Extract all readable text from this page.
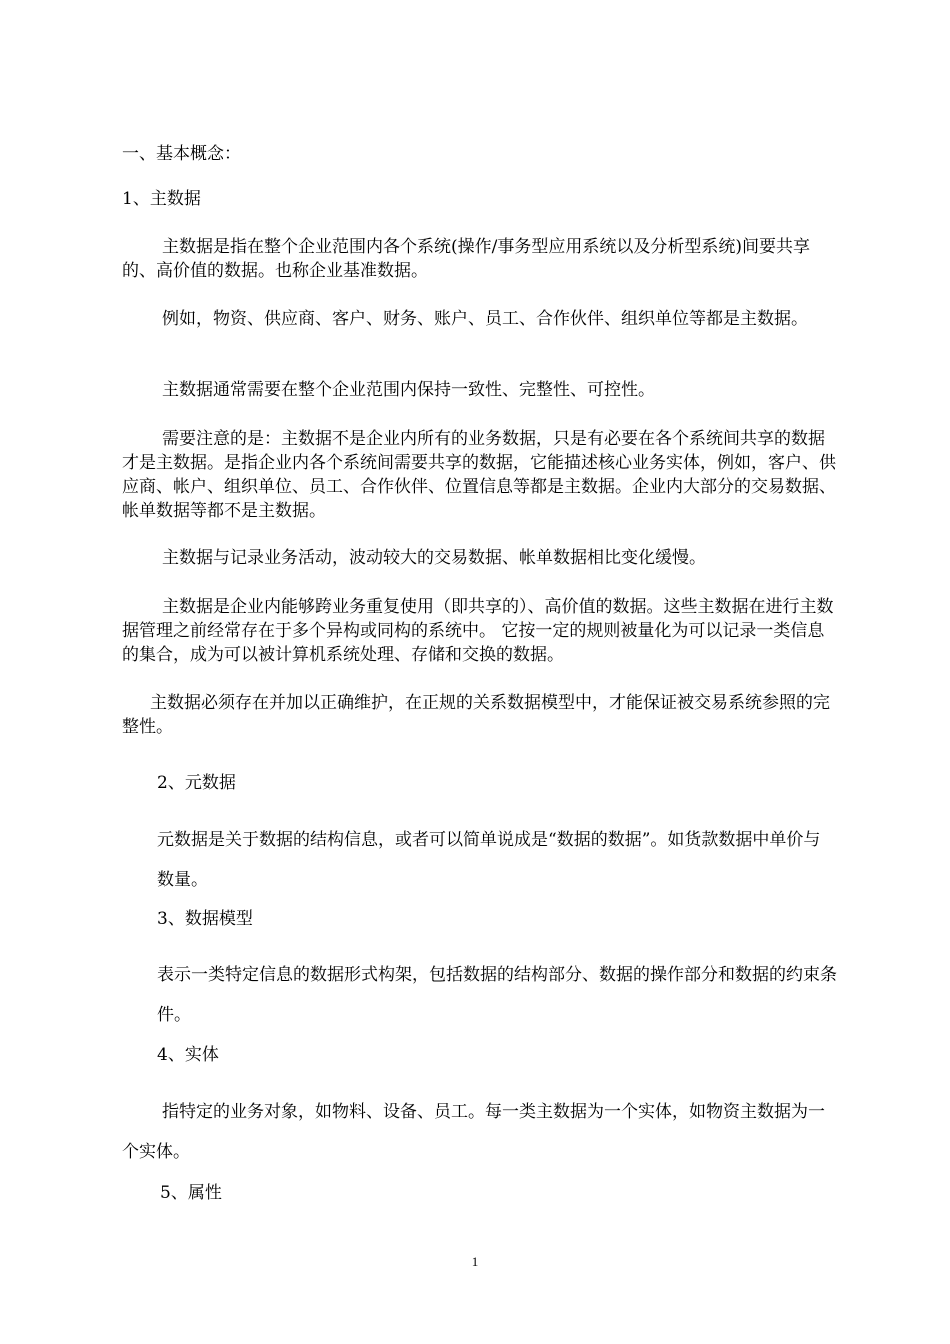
一、基本概念：

1、主数据

主数据是指在整个企业范围内各个系统(操作/事务型应用系统以及分析型系统)间要共享的、高价值的数据。也称企业基准数据。

例如，物资、供应商、客户、财务、账户、员工、合作伙伴、组织单位等都是主数据。

主数据通常需要在整个企业范围内保持一致性、完整性、可控性。

需要注意的是：主数据不是企业内所有的业务数据，只是有必要在各个系统间共享的数据才是主数据。是指企业内各个系统间需要共享的数据，它能描述核心业务实体，例如，客户、供应商、帐户、组织单位、员工、合作伙伴、位置信息等都是主数据。企业内大部分的交易数据、帐单数据等都不是主数据。

主数据与记录业务活动，波动较大的交易数据、帐单数据相比变化缓慢。

主数据是企业内能够跨业务重复使用（即共享的）、高价值的数据。这些主数据在进行主数据管理之前经常存在于多个异构或同构的系统中。 它按一定的规则被量化为可以记录一类信息的集合，成为可以被计算机系统处理、存储和交换的数据。

主数据必须存在并加以正确维护，在正规的关系数据模型中，才能保证被交易系统参照的完整性。

2、元数据

元数据是关于数据的结构信息，或者可以简单说成是“数据的数据”。如货款数据中单价与数量。

3、数据模型

表示一类特定信息的数据形式构架，包括数据的结构部分、数据的操作部分和数据的约束条件。

4、实体

指特定的业务对象，如物料、设备、员工。每一类主数据为一个实体，如物资主数据为一个实体。

5、属性

1
